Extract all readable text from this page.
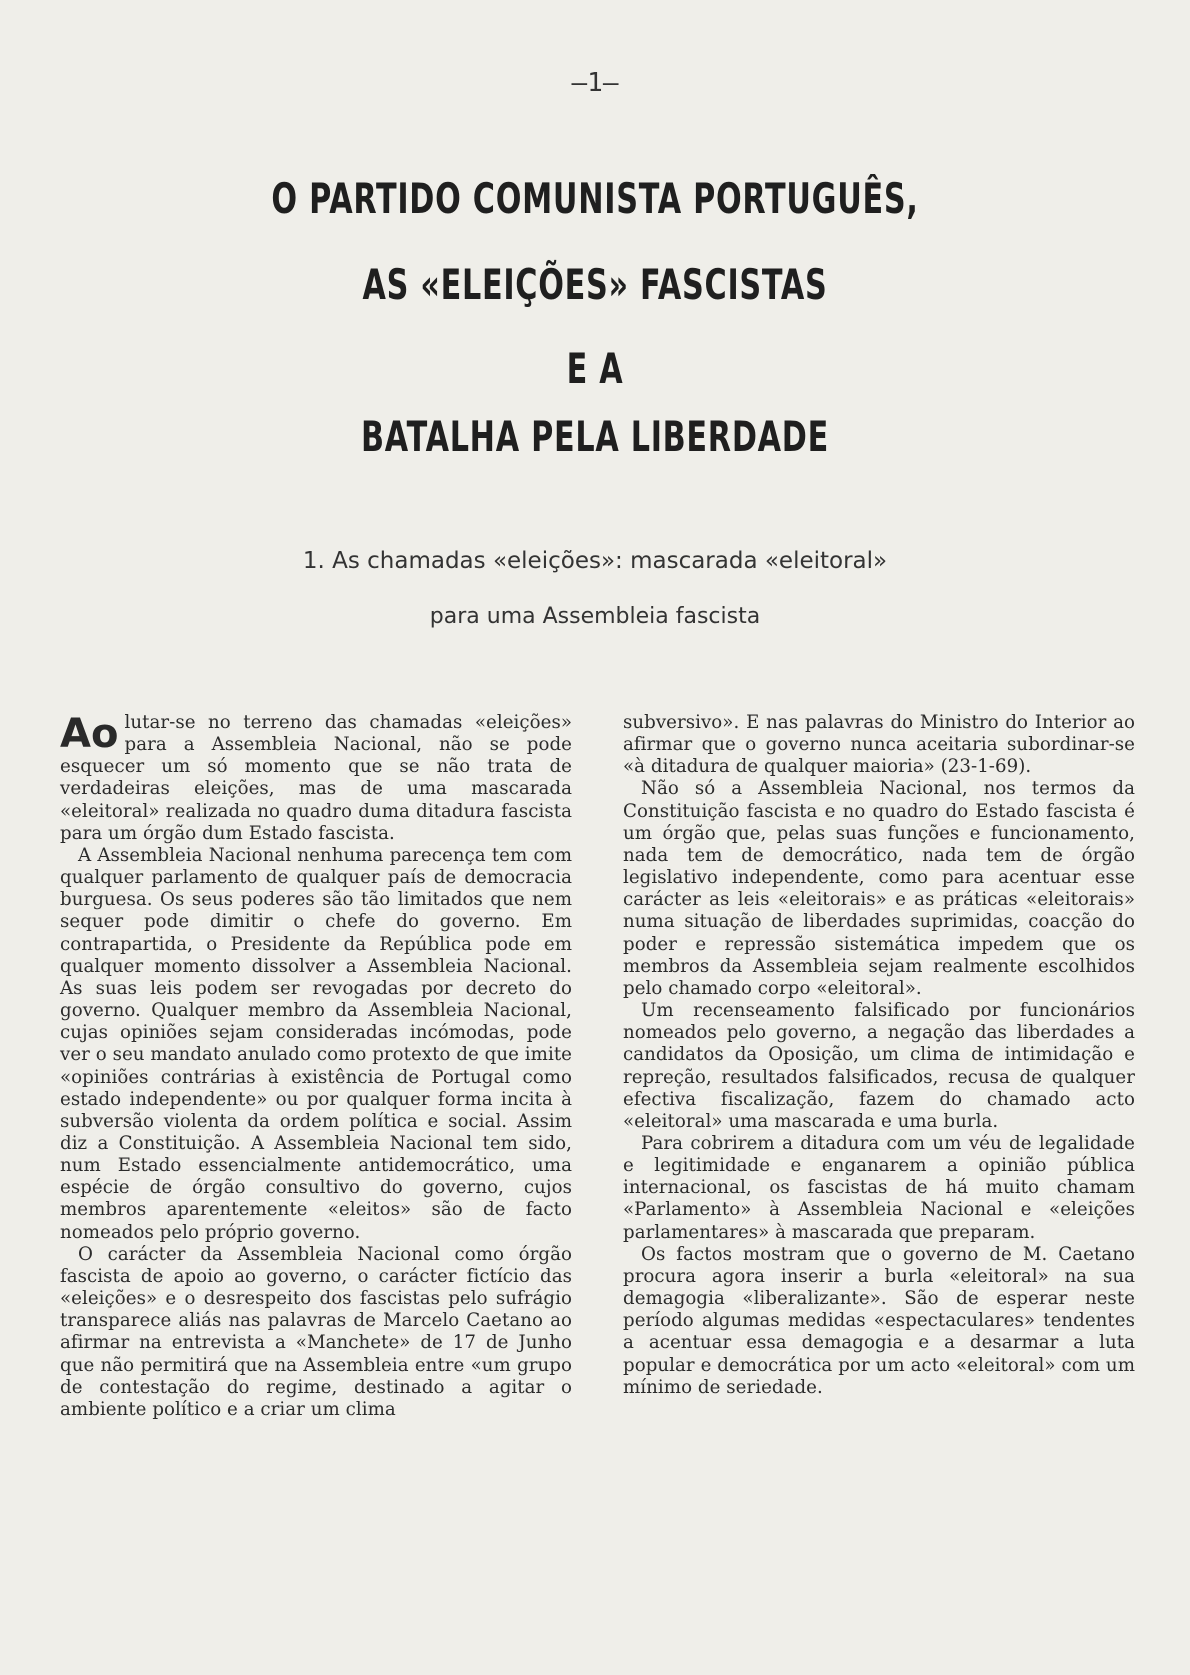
—1—
O PARTIDO COMUNISTA PORTUGUÊS,
AS «ELEIÇÕES» FASCISTAS
E A
BATALHA PELA LIBERDADE
1. As chamadas «eleições»: mascarada «eleitoral»
para uma Assembleia fascista

Ao lutar-se no terreno das chamadas «eleições» para a Assembleia Nacional, não se pode esquecer um só momento que se não trata de verdadeiras eleições, mas de uma mascarada «eleitoral» realizada no quadro duma ditadura fascista para um órgão dum Estado fascista.

A Assembleia Nacional nenhuma parecença tem com qualquer parlamento de qualquer país de democracia burguesa. Os seus poderes são tão limitados que nem sequer pode dimitir o chefe do governo. Em contrapartida, o Presidente da República pode em qualquer momento dissolver a Assembleia Nacional. As suas leis podem ser revogadas por decreto do governo. Qualquer membro da Assembleia Nacional, cujas opiniões sejam consideradas incómodas, pode ver o seu mandato anulado como protexto de que imite «opiniões contrárias à existência de Portugal como estado independente» ou por qualquer forma incita à subversão violenta da ordem política e social. Assim diz a Constituição. A Assembleia Nacional tem sido, num Estado essencialmente antidemocrático, uma espécie de órgão consultivo do governo, cujos membros aparentemente «eleitos» são de facto nomeados pelo próprio governo.

O carácter da Assembleia Nacional como órgão fascista de apoio ao governo, o carácter fictício das «eleições» e o desrespeito dos fascistas pelo sufrágio transparece aliás nas palavras de Marcelo Caetano ao afirmar na entrevista a «Manchete» de 17 de Junho que não permitirá que na Assembleia entre «um grupo de contestação do regime, destinado a agitar o ambiente político e a criar um clima

subversivo». E nas palavras do Ministro do Interior ao afirmar que o governo nunca aceitaria subordinar-se «à ditadura de qualquer maioria» (23-1-69).

Não só a Assembleia Nacional, nos termos da Constituição fascista e no quadro do Estado fascista é um órgão que, pelas suas funções e funcionamento, nada tem de democrático, nada tem de órgão legislativo independente, como para acentuar esse carácter as leis «eleitorais» e as práticas «eleitorais» numa situação de liberdades suprimidas, coacção do poder e repressão sistemática impedem que os membros da Assembleia sejam realmente escolhidos pelo chamado corpo «eleitoral».

Um recenseamento falsificado por funcionários nomeados pelo governo, a negação das liberdades a candidatos da Oposição, um clima de intimidação e repreção, resultados falsificados, recusa de qualquer efectiva fiscalização, fazem do chamado acto «eleitoral» uma mascarada e uma burla.

Para cobrirem a ditadura com um véu de legalidade e legitimidade e enganarem a opinião pública internacional, os fascistas de há muito chamam «Parlamento» à Assembleia Nacional e «eleições parlamentares» à mascarada que preparam.

Os factos mostram que o governo de M. Caetano procura agora inserir a burla «eleitoral» na sua demagogia «liberalizante». São de esperar neste período algumas medidas «espectaculares» tendentes a acentuar essa demagogia e a desarmar a luta popular e democrática por um acto «eleitoral» com um mínimo de seriedade.
